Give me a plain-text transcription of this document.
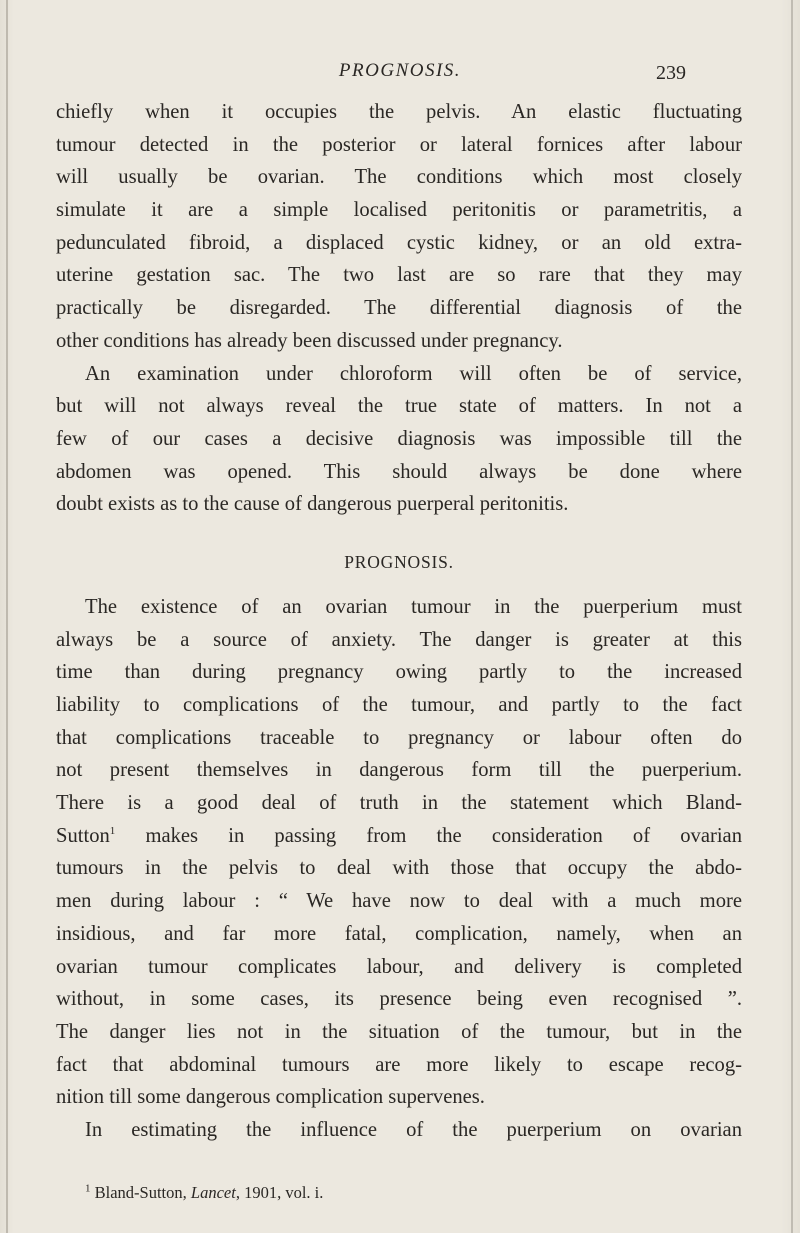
PROGNOSIS.	239
chiefly when it occupies the pelvis. An elastic fluctuating
tumour detected in the posterior or lateral fornices after labour
will usually be ovarian. The conditions which most closely
simulate it are a simple localised peritonitis or parametritis, a
pedunculated fibroid, a displaced cystic kidney, or an old extra-
uterine gestation sac. The two last are so rare that they may
practically be disregarded. The differential diagnosis of the
other conditions has already been discussed under pregnancy.
An examination under chloroform will often be of service,
but will not always reveal the true state of matters. In not a
few of our cases a decisive diagnosis was impossible till the
abdomen was opened. This should always be done where
doubt exists as to the cause of dangerous puerperal peritonitis.
PROGNOSIS.
The existence of an ovarian tumour in the puerperium must
always be a source of anxiety. The danger is greater at this
time than during pregnancy owing partly to the increased
liability to complications of the tumour, and partly to the fact
that complications traceable to pregnancy or labour often do
not present themselves in dangerous form till the puerperium.
There is a good deal of truth in the statement which Bland-
Sutton$^1$ makes in passing from the consideration of ovarian
tumours in the pelvis to deal with those that occupy the abdo-
men during labour : “ We have now to deal with a much more
insidious, and far more fatal, complication, namely, when an
ovarian tumour complicates labour, and delivery is completed
without, in some cases, its presence being even recognised ”.
The danger lies not in the situation of the tumour, but in the
fact that abdominal tumours are more likely to escape recog-
nition till some dangerous complication supervenes.
In estimating the influence of the puerperium on ovarian
$^1$ Bland-Sutton, Lancet, 1901, vol. i.
